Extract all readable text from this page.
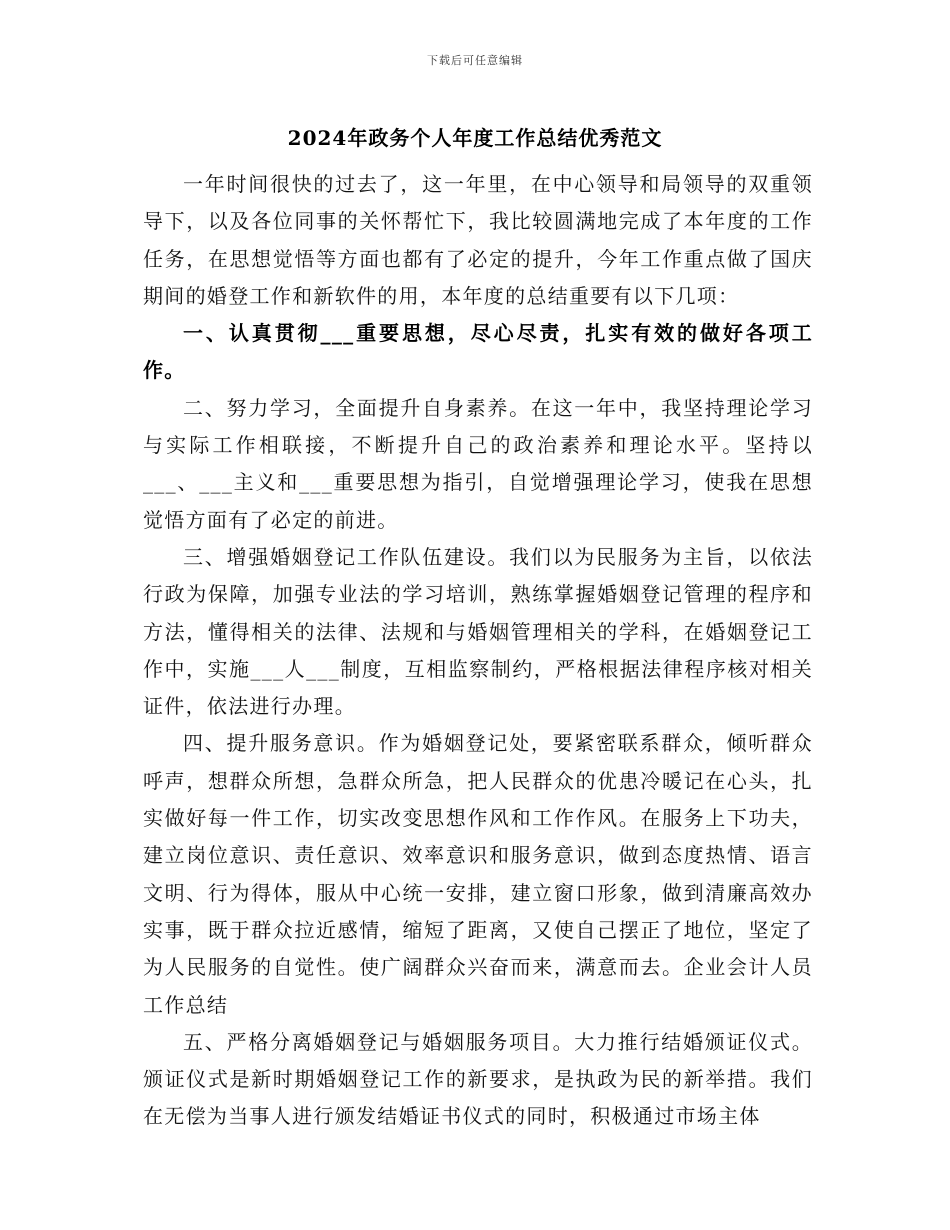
下载后可任意编辑
2024年政务个人年度工作总结优秀范文

一年时间很快的过去了，这一年里，在中心领导和局领导的双重领导下，以及各位同事的关怀帮忙下，我比较圆满地完成了本年度的工作任务，在思想觉悟等方面也都有了必定的提升，今年工作重点做了国庆期间的婚登工作和新软件的用，本年度的总结重要有以下几项：

一、认真贯彻___重要思想，尽心尽责，扎实有效的做好各项工作。

二、努力学习，全面提升自身素养。在这一年中，我坚持理论学习与实际工作相联接，不断提升自己的政治素养和理论水平。坚持以___、___主义和___重要思想为指引，自觉增强理论学习，使我在思想觉悟方面有了必定的前进。

三、增强婚姻登记工作队伍建设。我们以为民服务为主旨，以依法行政为保障，加强专业法的学习培训，熟练掌握婚姻登记管理的程序和方法，懂得相关的法律、法规和与婚姻管理相关的学科，在婚姻登记工作中，实施___人___制度，互相监察制约，严格根据法律程序核对相关证件，依法进行办理。

四、提升服务意识。作为婚姻登记处，要紧密联系群众，倾听群众呼声，想群众所想，急群众所急，把人民群众的优患冷暖记在心头，扎实做好每一件工作，切实改变思想作风和工作作风。在服务上下功夫，建立岗位意识、责任意识、效率意识和服务意识，做到态度热情、语言文明、行为得体，服从中心统一安排，建立窗口形象，做到清廉高效办实事，既于群众拉近感情，缩短了距离，又使自己摆正了地位，坚定了为人民服务的自觉性。使广阔群众兴奋而来，满意而去。企业会计人员工作总结

五、严格分离婚姻登记与婚姻服务项目。大力推行结婚颁证仪式。颁证仪式是新时期婚姻登记工作的新要求，是执政为民的新举措。我们在无偿为当事人进行颁发结婚证书仪式的同时，积极通过市场主体
